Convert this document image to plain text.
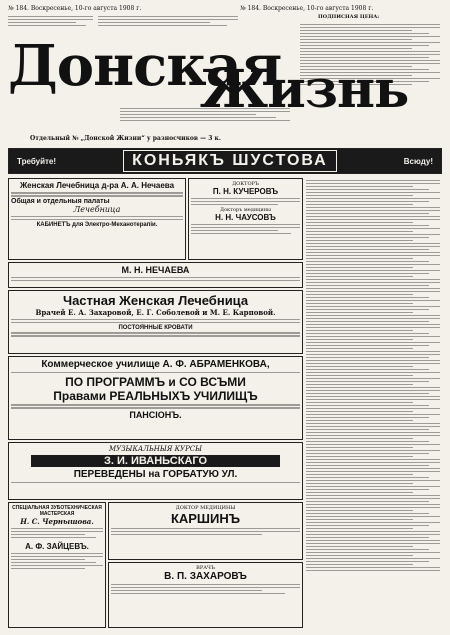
№ 184. Воскресенье, 10-го августа 1908 г.	№ 184. Воскресенье, 10-го августа 1908 г.
ПОДПИСНАЯ ЦЕНА:
Донская
Жизнь
Отдельный № „Донской Жизни“ у разносчиков — 3 к.
Требуйте!	КОНЬЯКЪ ШУСТОВА	Всюду!
Женская Лечебница д-ра А. А. Нечаева
Общая и отдельныя палаты
Лечебница
КАБИНЕТЪ для Электро-Механотерапіи.
ДОКТОРЪ
П. Н. КУЧЕРОВЪ
Докторъ медицины
Н. Н. ЧАУСОВЪ
М. Н. НЕЧАЕВА
Частная Женская Лечебница
Врачей Е. А. Захаровой, Е. Г. Соболевой и М. Е. Карповой.
ПОСТОЯННЫЕ КРОВАТИ
Коммерческое училище А. Ф. АБРАМЕНКОВА,
ПО ПРОГРАММЪ и СО ВСЪМИ
Правами РЕАЛЬНЫХЪ УЧИЛИЩЪ
ПАНСІОНЪ.
МУЗЫКАЛЬНЫЯ КУРСЫ
З. И. ИВАНЬСКАГО
ПЕРЕВЕДЕНЫ на ГОРБАТУЮ УЛ.
СПЕЦІАЛЬНАЯ ЗУБОТЕХНИЧЕСКАЯ МАСТЕРСКАЯ
Н. С. Чернышова.
А. Ф. ЗАЙЦЕВЪ.
ДОКТОР МЕДИЦИНЫ
КАРШИНЪ
ВРАЧЪ
В. П. ЗАХАРОВЪ
